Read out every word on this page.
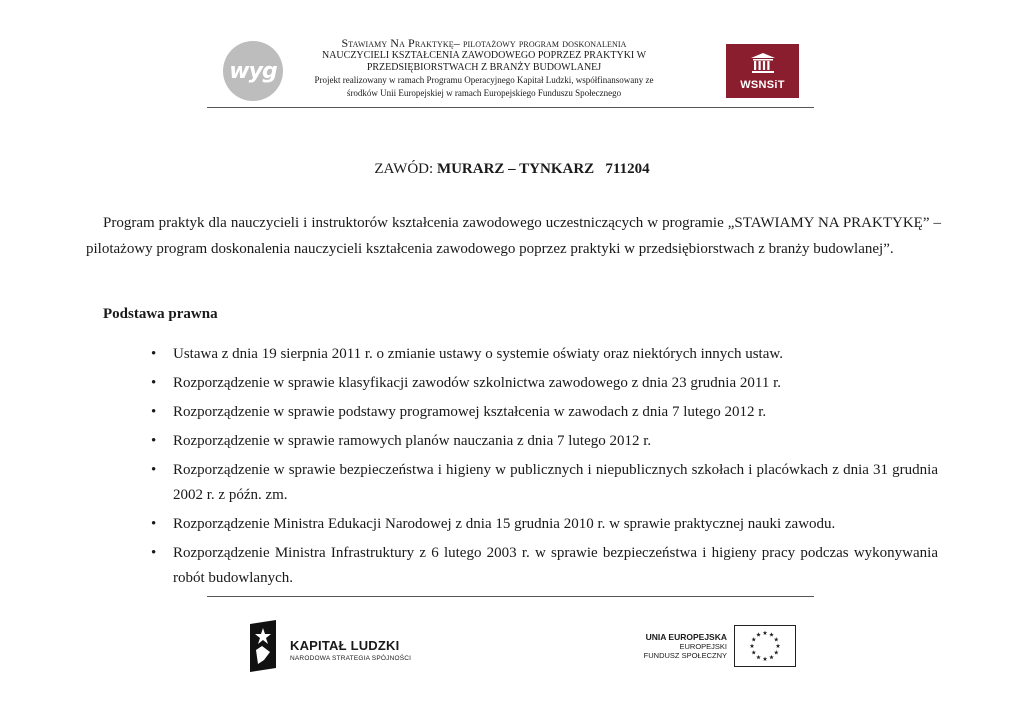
wyg
Stawiamy Na Praktykę– pilotażowy program doskonalenia
NAUCZYCIELI KSZTAŁCENIA ZAWODOWEGO POPRZEZ PRAKTYKI W
PRZEDSIĘBIORSTWACH Z BRANŻY BUDOWLANEJ
Projekt realizowany w ramach Programu Operacyjnego Kapitał Ludzki, współfinansowany ze
środków Unii Europejskiej w ramach Europejskiego Funduszu Społecznego
WSNSiT
ZAWÓD: MURARZ – TYNKARZ 711204
Program praktyk dla nauczycieli i instruktorów kształcenia zawodowego uczestniczących w programie „STAWIAMY NA PRAKTYKĘ” – pilotażowy program doskonalenia nauczycieli kształcenia zawodowego poprzez praktyki w przedsiębiorstwach z branży budowlanej”.
Podstawa prawna
• Ustawa z dnia 19 sierpnia 2011 r. o zmianie ustawy o systemie oświaty oraz niektórych innych ustaw.
• Rozporządzenie w sprawie klasyfikacji zawodów szkolnictwa zawodowego z dnia 23 grudnia 2011 r.
• Rozporządzenie w sprawie podstawy programowej kształcenia w zawodach z dnia 7 lutego 2012 r.
• Rozporządzenie w sprawie ramowych planów nauczania z dnia 7 lutego 2012 r.
• Rozporządzenie w sprawie bezpieczeństwa i higieny w publicznych i niepublicznych szkołach i placówkach z dnia 31 grudnia 2002 r. z późn. zm.
• Rozporządzenie Ministra Edukacji Narodowej z dnia 15 grudnia 2010 r. w sprawie praktycznej nauki zawodu.
• Rozporządzenie Ministra Infrastruktury z 6 lutego 2003 r. w sprawie bezpieczeństwa i higieny pracy podczas wykonywania robót budowlanych.
KAPITAŁ LUDZKI
NARODOWA STRATEGIA SPÓJNOŚCI
UNIA EUROPEJSKA
EUROPEJSKI
FUNDUSZ SPOŁECZNY
